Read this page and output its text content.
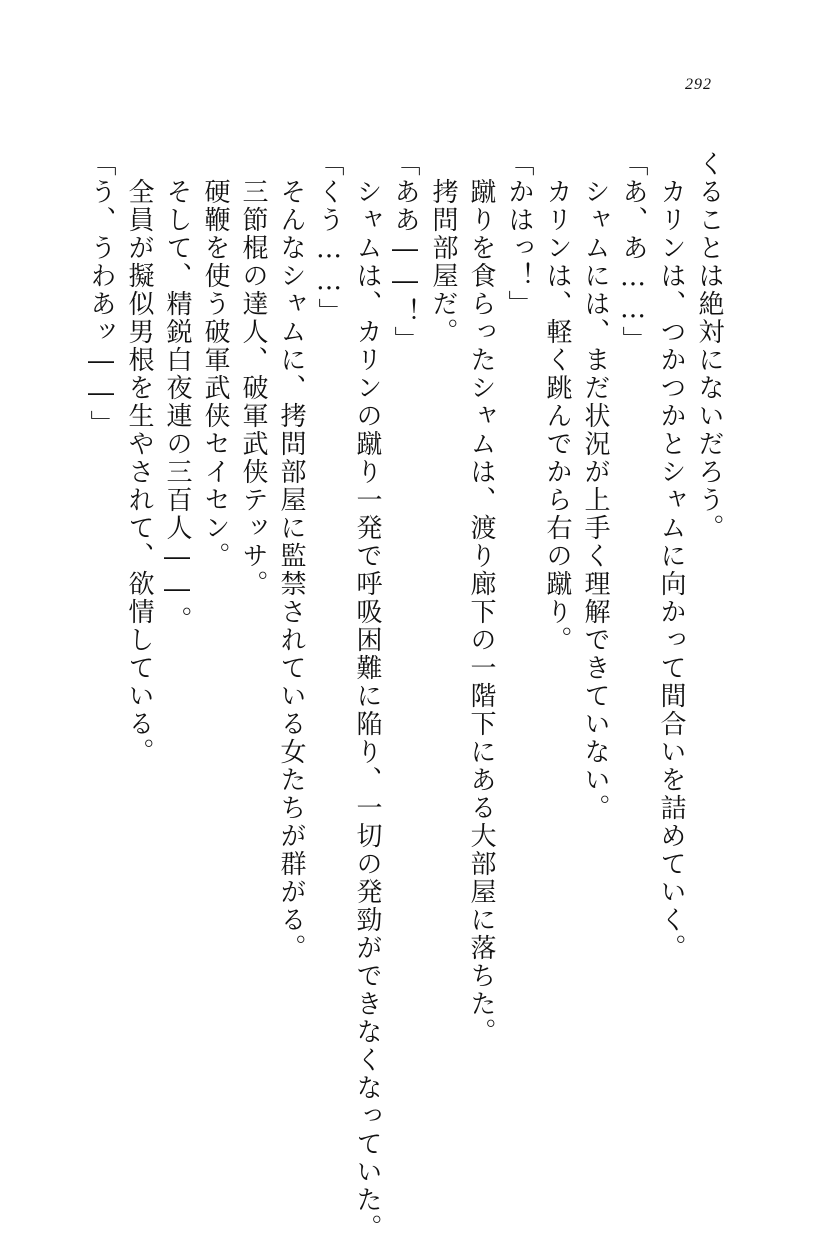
292
くることは絶対にないだろう。
　カリンは、つかつかとシャムに向かって間合いを詰めていく。
「あ、あ……」
　シャムには、まだ状況が上手く理解できていない。
　カリンは、軽く跳んでから右の蹴り。
「かはっ！」
　蹴りを食らったシャムは、渡り廊下の一階下にある大部屋に落ちた。
　拷問部屋だ。
「ああ――！」
　シャムは、カリンの蹴り一発で呼吸困難に陥り、一切の発勁ができなくなっていた。
「くう……」
　そんなシャムに、拷問部屋に監禁されている女たちが群がる。
　三節棍の達人、破軍武侠テッサ。
　硬鞭を使う破軍武侠セイセン。
　そして、精鋭白夜連の三百人――。
　全員が擬似男根を生やされて、欲情している。
「う、うわあッ――」
